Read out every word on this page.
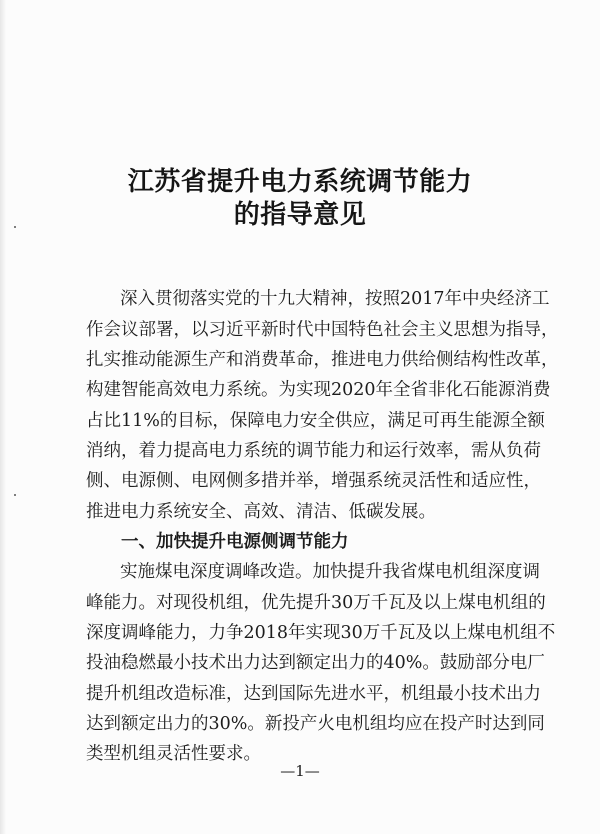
江苏省提升电力系统调节能力
的指导意见
深入贯彻落实党的十九大精神，按照2017年中央经济工
作会议部署，以习近平新时代中国特色社会主义思想为指导，
扎实推动能源生产和消费革命，推进电力供给侧结构性改革，
构建智能高效电力系统。为实现2020年全省非化石能源消费
占比11%的目标，保障电力安全供应，满足可再生能源全额
消纳，着力提高电力系统的调节能力和运行效率，需从负荷
侧、电源侧、电网侧多措并举，增强系统灵活性和适应性，
推进电力系统安全、高效、清洁、低碳发展。
一、加快提升电源侧调节能力
实施煤电深度调峰改造。加快提升我省煤电机组深度调
峰能力。对现役机组，优先提升30万千瓦及以上煤电机组的
深度调峰能力，力争2018年实现30万千瓦及以上煤电机组不
投油稳燃最小技术出力达到额定出力的40%。鼓励部分电厂
提升机组改造标准，达到国际先进水平，机组最小技术出力
达到额定出力的30%。新投产火电机组均应在投产时达到同
类型机组灵活性要求。
—1—
